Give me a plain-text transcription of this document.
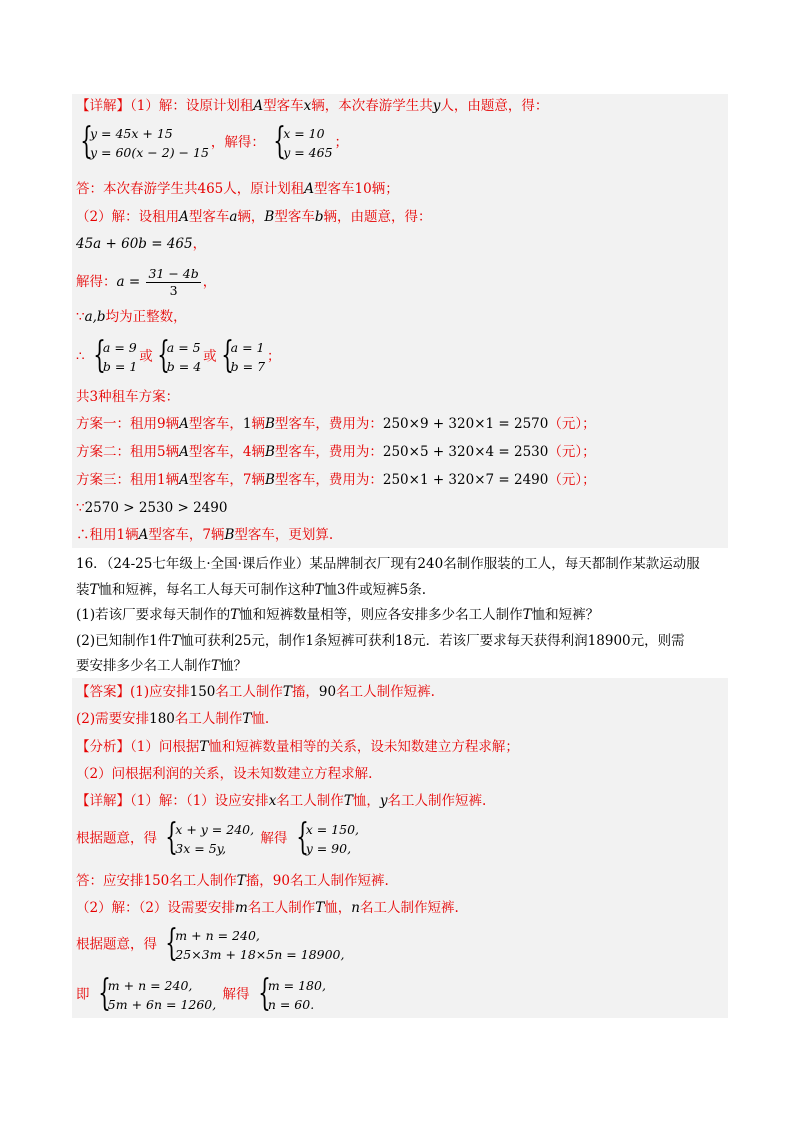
【详解】（1）解：设原计划租A型客车x辆，本次春游学生共y人，由题意，得：
{
y = 45x + 15
y = 60(x − 2) − 15
，解得： {
x = 10
y = 465
；
答：本次春游学生共465人，原计划租A型客车10辆；
（2）解：设租用A型客车a辆，B型客车b辆，由题意，得：
45a + 60b = 465，
解得：$a = \frac{31 - 4b}{3}$ ，
∵a,b均为正整数，
∴ {
a = 9
b = 1
或 {
a = 5
b = 4
或 {
a = 1
b = 7
；
共3种租车方案：
方案一：租用9辆A型客车，1辆B型客车，费用为：250×9 + 320×1 = 2570（元）；
方案二：租用5辆A型客车，4辆B型客车，费用为：250×5 + 320×4 = 2530（元）；
方案三：租用1辆A型客车，7辆B型客车，费用为：250×1 + 320×7 = 2490（元）；
∵2570 > 2530 > 2490
∴租用1辆A型客车，7辆B型客车，更划算.
16．（24-25七年级上·全国·课后作业）某品牌制衣厂现有240名制作服装的工人，每天都制作某款运动服
装T恤和短裤，每名工人每天可制作这种T恤3件或短裤5条.
(1)若该厂要求每天制作的T恤和短裤数量相等，则应各安排多少名工人制作T恤和短裤？
(2)已知制作1件T恤可获利25元，制作1条短裤可获利18元．若该厂要求每天获得利润18900元，则需
要安排多少名工人制作T恤？
【答案】(1)应安排150名工人制作T搐，90名工人制作短裤.
(2)需要安排180名工人制作T恤.
【分析】（1）问根据T恤和短裤数量相等的关系，设未知数建立方程求解；
（2）问根据利润的关系，设未知数建立方程求解.
【详解】（1）解：（1）设应安排x名工人制作T恤，y名工人制作短裤.
根据题意，得 {
x + y = 240,
3x = 5y,
解得 {
x = 150,
y = 90,
答：应安排150名工人制作T搐，90名工人制作短裤.
（2）解：（2）设需要安排m名工人制作T恤，n名工人制作短裤.
根据题意，得 {
m + n = 240,
25×3m + 18×5n = 18900,
即 {
m + n = 240,
5m + 6n = 1260,
解得 {
m = 180,
n = 60.
